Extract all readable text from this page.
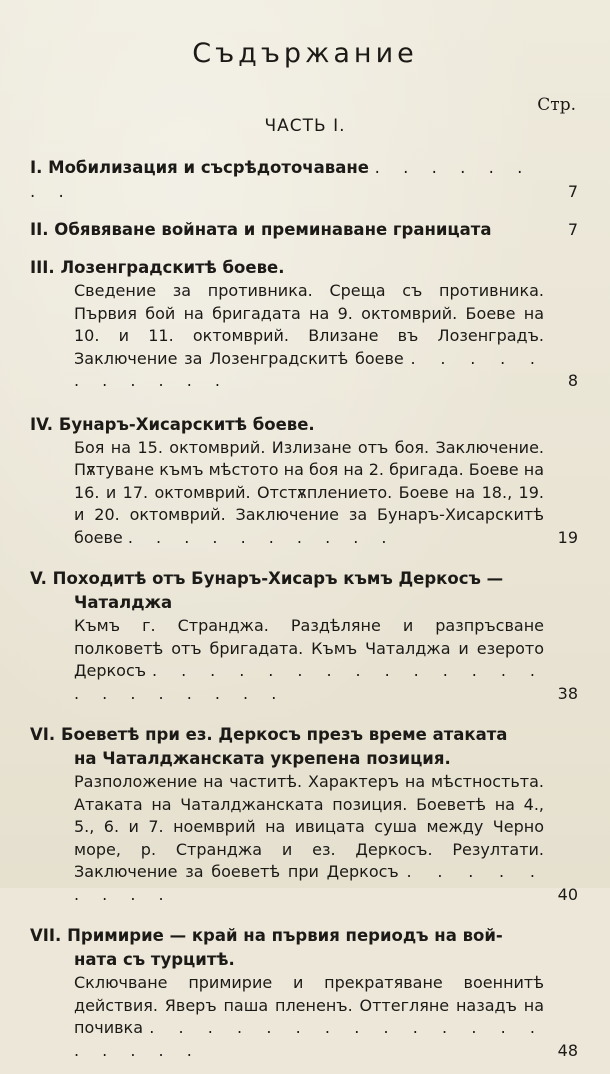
Съдържание
Стр.
ЧАСТЬ I.
I. Мобилизация и съсрѣдоточаване . . . . . . . .	7
II. Обявяване войната и преминаване границата	7
III. Лозенградскитѣ боеве.
Сведение за противника. Среща съ противника. Първия бой на бригадата на 9. октомврий. Боеве на 10. и 11. октомврий. Влизане въ Лозенградъ. Заключение за Лозенградскитѣ боеве . . . . . . . . . . .	8
IV. Бунаръ-Хисарскитѣ боеве.
Боя на 15. октомврий. Излизане отъ боя. Заключение. Пѫтуване къмъ мѣстото на боя на 2. бригада. Боеве на 16. и 17. октомврий. Отстѫплението. Боеве на 18., 19. и 20. октомврий. Заключение за Бунаръ-Хисарскитѣ боеве . . . . . . . . . .	19
V. Походитѣ отъ Бунаръ-Хисаръ къмъ Деркосъ —
Чаталджа
Къмъ г. Странджа. Раздѣляне и разпръсване полковетѣ отъ бригадата. Къмъ Чаталджа и езерото Деркосъ . . . . . . . . . . . . . . . . . . . . . .	38
VI. Боеветѣ при ез. Деркосъ презъ време атаката
на Чаталджанската укрепена позиция.
Разположение на частитѣ. Характеръ на мѣстностьта. Атаката на Чаталджанската позиция. Боеветѣ на 4., 5., 6. и 7. ноемврий на ивицата суша между Черно море, р. Странджа и ез. Деркосъ. Резултати. Заключение за боеветѣ при Деркосъ . . . . . . . . .	40
VII. Примирие — край на първия периодъ на вой-
ната съ турцитѣ.
Сключване примирие и прекратяване военнитѣ действия. Яверъ паша плененъ. Оттегляне назадъ на почивка . . . . . . . . . . . . . . . . . . .	48
